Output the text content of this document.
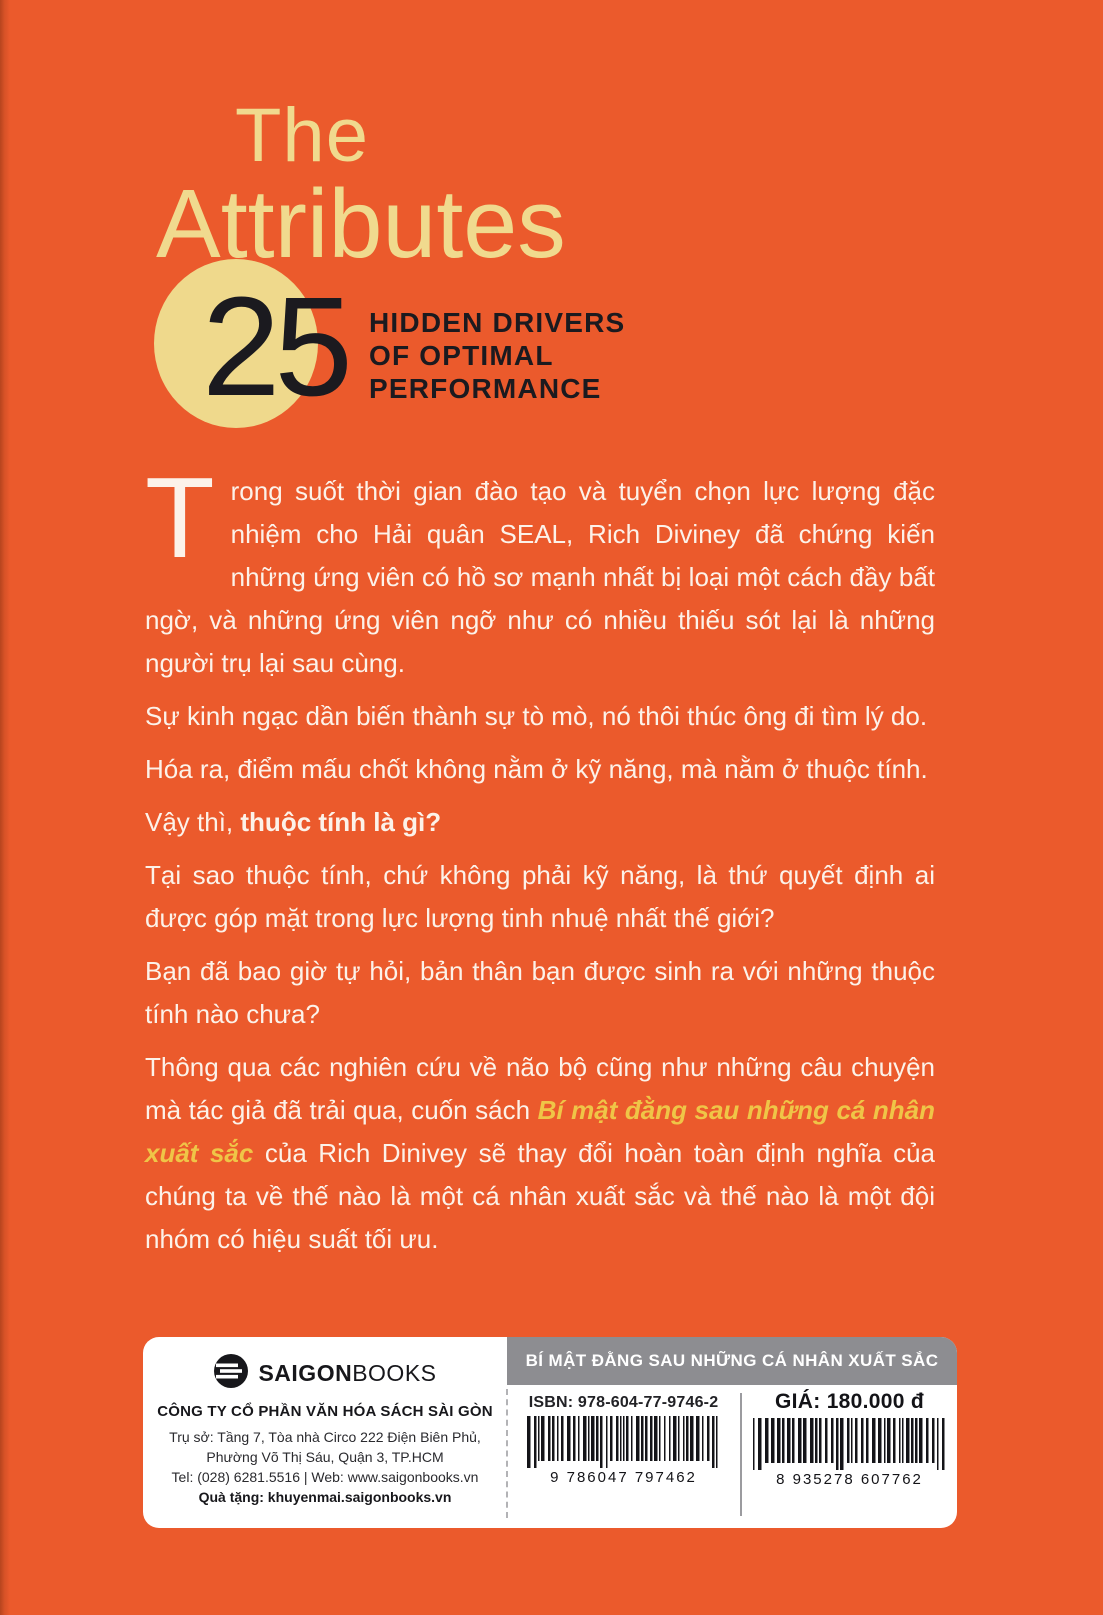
The
Attributes
25 HIDDEN DRIVERS
OF OPTIMAL
PERFORMANCE

Trong suốt thời gian đào tạo và tuyển chọn lực lượng đặc nhiệm cho Hải quân SEAL, Rich Diviney đã chứng kiến những ứng viên có hồ sơ mạnh nhất bị loại một cách đầy bất ngờ, và những ứng viên ngỡ như có nhiều thiếu sót lại là những người trụ lại sau cùng.

Sự kinh ngạc dần biến thành sự tò mò, nó thôi thúc ông đi tìm lý do.

Hóa ra, điểm mấu chốt không nằm ở kỹ năng, mà nằm ở thuộc tính.

Vậy thì, thuộc tính là gì?

Tại sao thuộc tính, chứ không phải kỹ năng, là thứ quyết định ai được góp mặt trong lực lượng tinh nhuệ nhất thế giới?

Bạn đã bao giờ tự hỏi, bản thân bạn được sinh ra với những thuộc tính nào chưa?

Thông qua các nghiên cứu về não bộ cũng như những câu chuyện mà tác giả đã trải qua, cuốn sách Bí mật đằng sau những cá nhân xuất sắc của Rich Dinivey sẽ thay đổi hoàn toàn định nghĩa của chúng ta về thế nào là một cá nhân xuất sắc và thế nào là một đội nhóm có hiệu suất tối ưu.

SAIGONBOOKS
CÔNG TY CỔ PHẦN VĂN HÓA SÁCH SÀI GÒN
Trụ sở: Tầng 7, Tòa nhà Circo 222 Điện Biên Phủ,
Phường Võ Thị Sáu, Quận 3, TP.HCM
Tel: (028) 6281.5516 | Web: www.saigonbooks.vn
Quà tặng: khuyenmai.saigonbooks.vn
BÍ MẬT ĐẰNG SAU NHỮNG CÁ NHÂN XUẤT SẮC
ISBN: 978-604-77-9746-2
9 786047 797462
GIÁ: 180.000 đ
8 935278 607762
